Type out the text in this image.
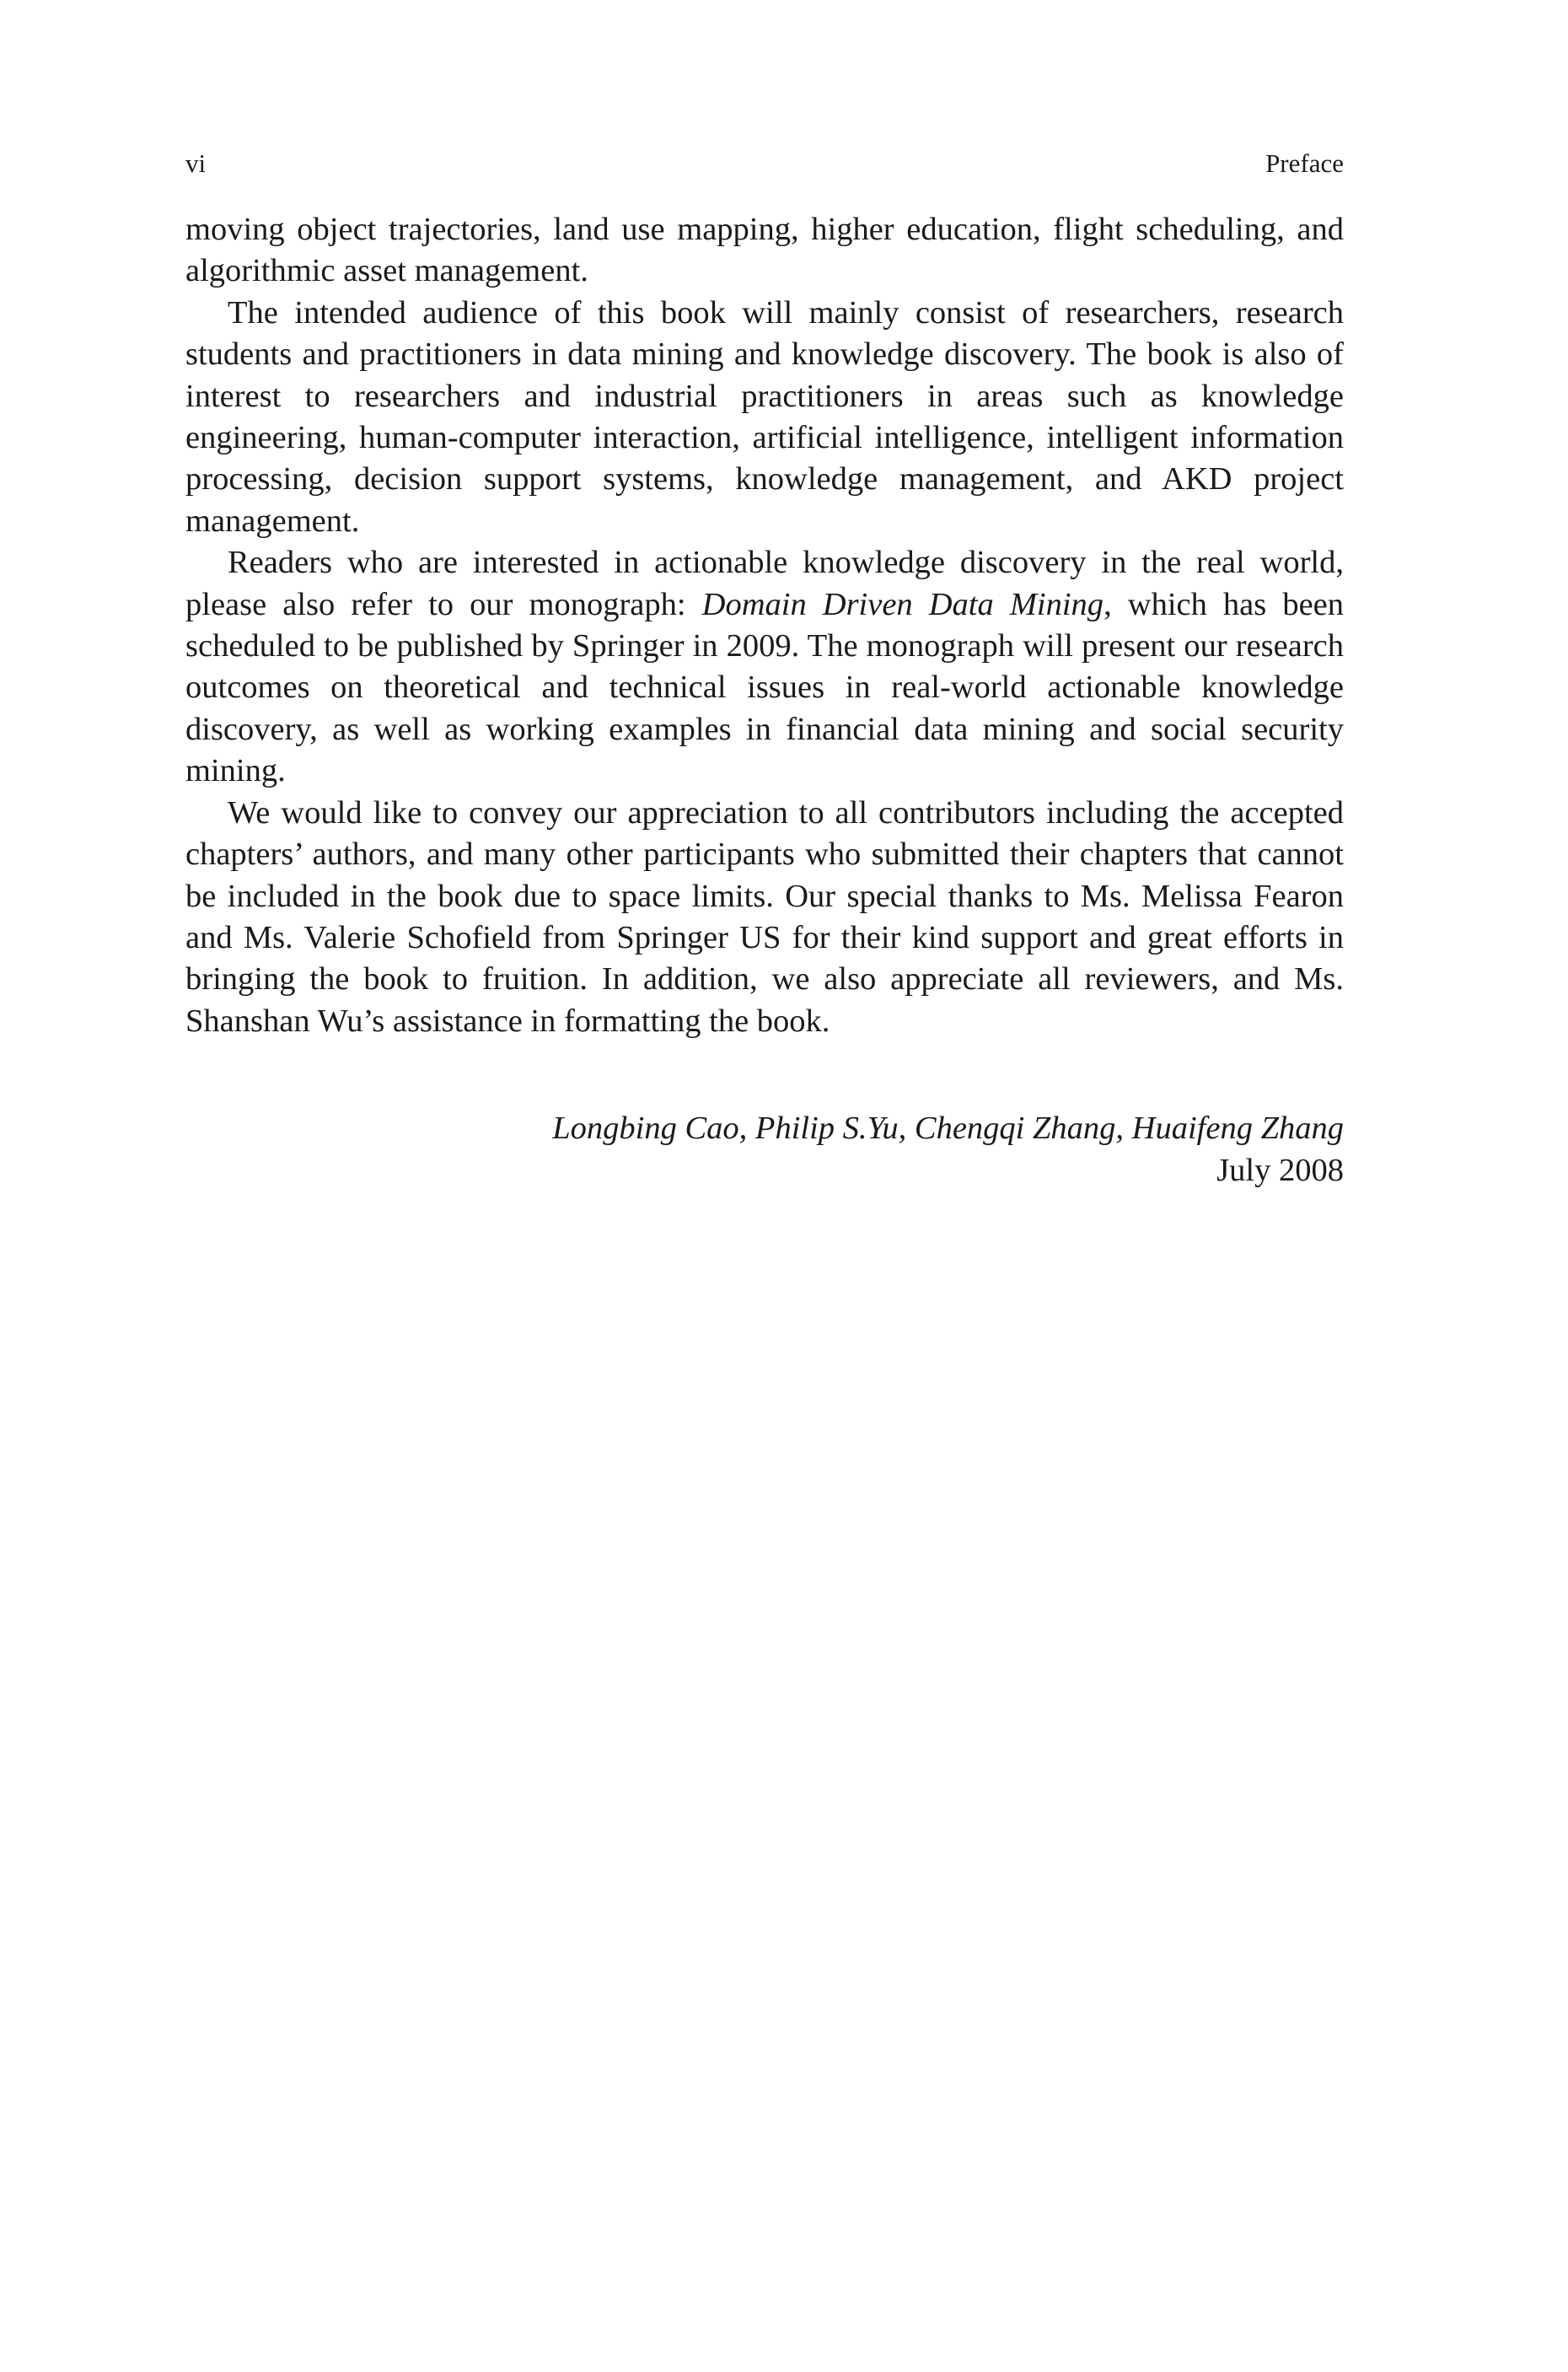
vi	Preface

moving object trajectories, land use mapping, higher education, flight scheduling, and algorithmic asset management.

The intended audience of this book will mainly consist of researchers, research students and practitioners in data mining and knowledge discovery. The book is also of interest to researchers and industrial practitioners in areas such as knowledge engineering, human-computer interaction, artificial intelligence, intelligent information processing, decision support systems, knowledge management, and AKD project management.

Readers who are interested in actionable knowledge discovery in the real world, please also refer to our monograph: Domain Driven Data Mining, which has been scheduled to be published by Springer in 2009. The monograph will present our research outcomes on theoretical and technical issues in real-world actionable knowledge discovery, as well as working examples in financial data mining and social security mining.

We would like to convey our appreciation to all contributors including the accepted chapters’ authors, and many other participants who submitted their chapters that cannot be included in the book due to space limits. Our special thanks to Ms. Melissa Fearon and Ms. Valerie Schofield from Springer US for their kind support and great efforts in bringing the book to fruition. In addition, we also appreciate all reviewers, and Ms. Shanshan Wu’s assistance in formatting the book.

Longbing Cao, Philip S.Yu, Chengqi Zhang, Huaifeng Zhang
July 2008
